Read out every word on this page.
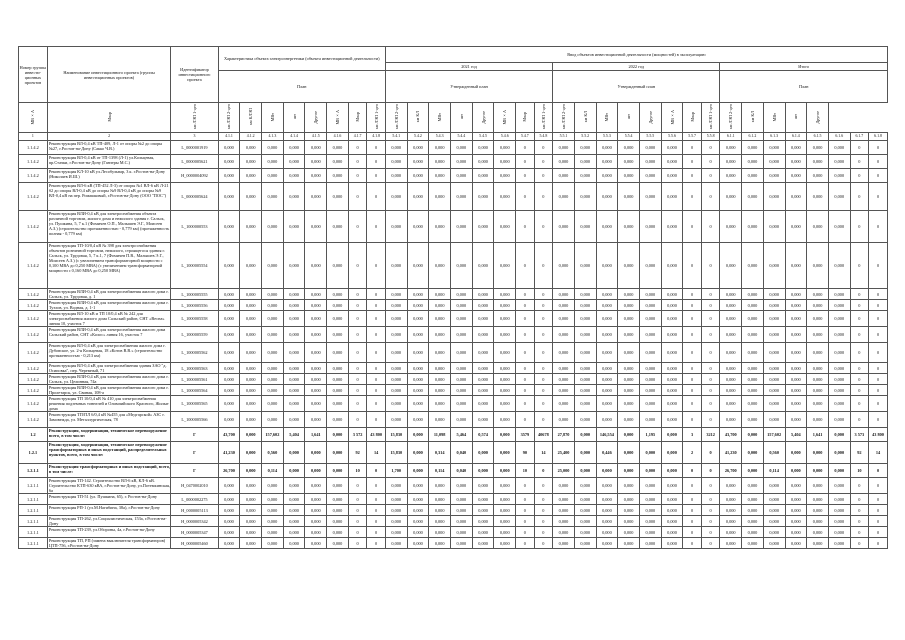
Номер группы инвести-ционных проектов	Наименование инвестиционного проекта (группы инвестиционных проектов)	Идентификатор инвестиционного проекта	Характеристика объекта электроэнергетики (объекта инвестиционной деятельности)								Ввод объектов инвестиционной деятельности (мощностей) в эксплуатацию																							
											2021 год								2022 год								Итого							
			План								Утвержденный план								Утвержденный план								План							
МВ×А	Мвар	км ЛЭП 1-цеп	км ЛЭП 2-цеп	км КЛЭП	МВт	шт	Другое	МВ×А	Мвар	км ЛЭП 1-цеп	км ЛЭП 2-цеп	км КЛ	МВт	шт	Другое	МВ×А	Мвар	км ЛЭП 1-цеп	км ЛЭП 2-цеп	км КЛ	МВт	шт	Другое	МВ×А	Мвар	км ЛЭП 1-цеп	км ЛЭП 2-цеп	км КЛ	МВт	шт	Другое			
1	2	3	4.1.1	4.1.2	4.1.3	4.1.4	4.1.5	4.1.6	4.1.7	4.1.8	5.4.1	5.4.2	5.4.3	5.4.4	5.4.5	5.4.6	5.4.7	5.4.8	5.5.1	5.5.2	5.5.3	5.5.4	5.5.5	5.5.6	5.5.7	5.5.8	6.1.1	6.1.2	6.1.3	6.1.4	6.1.5	6.1.6	6.1.7	6.1.8
1.1.4.2	Реконструкция ВЛ-0,4 кВ ТП-409, Л-1 от опоры №2 до опоры №27, г.Ростов-на-Дону (Сакко Ч.В.)	L_0000001919	0,000	0,000	0,000	0,000	0,000	0,000	0	0	0,000	0,000	0,000	0,000	0,000	0,000	0	0	0,000	0,000	0,000	0,000	0,000	0,000	0	0	0,000	0,000	0,000	0,000	0,000	0,000	0	0
1.1.4.2	Реконструкция ВЛ-0,4 кВ от ТП-1398 (Л-1) ул.Кольцевая, пр.Стачки, г.Ростов-на-Дону (Ганзеры М.С.)	L_0000005621	0,000	0,000	0,000	0,000	0,000	0,000	0	0	0,000	0,000	0,000	0,000	0,000	0,000	0	0	0,000	0,000	0,000	0,000	0,000	0,000	0	0	0,000	0,000	0,000	0,000	0,000	0,000	0	0
1.1.4.2	Реконструкция КЛ-10 кВ ул.Лесобульвар, 3 к. г.Ростов-на-Дону (Николаев И.Ш.)	H_0000004092	0,000	0,000	0,000	0,000	0,000	0,000	0	0	0,000	0,000	0,000	0,000	0,000	0,000	0	0	0,000	0,000	0,000	0,000	0,000	0,000	0	0	0,000	0,000	0,000	0,000	0,000	0,000	0	0
1.1.4.2	Реконструкция ВЛ-6 кВ (ТП-452 Л-3) от опоры №1 ВЛ-6 кВ Л-21 б2 до опоры ВЛ-0,4 кВ до опоры №9 ВЛ-0,4 кВ до опоры №9 ВЛ-0,4 кВ на пер. Ромашковый, г.Ростов-на-Дону (ООО "ПОС")	L_0000005624	0,000	0,000	0,000	0,000	0,000	0,000	0	0	0,000	0,000	0,000	0,000	0,000	0,000	0	0	0,000	0,000	0,000	0,000	0,000	0,000	0	0	0,000	0,000	0,000	0,000	0,000	0,000	0	0
1.1.4.2	Реконструкция ВЛИ-0,4 кВ для электроснабжения объекта различной торговли, жилого дома и нежилого здания г. Сальск, ул. Пушкина, 5, 7 к.1 (Фомичев О.П., Малышев Э.Г., Моисеев А.З.) (строительство протяженностью - 0,779 км) (протяженность полная - 0,779 км)	L_1000000553	0,000	0,000	0,000	0,000	0,000	0,000	0	0	0,000	0,000	0,000	0,000	0,000	0,000	0	0	0,000	0,000	0,000	0,000	0,000	0,000	0	0	0,000	0,000	0,000	0,000	0,000	0,000	0	0
1.1.4.2	Реконструкция ТП-10/0,4 кВ № 398 для электроснабжения объектов розничной торговли, нежилого, строящегося здания г. Сальск, ул. Трудовая, 5, 7 к.1, 7 (Фомичев П.В., Малышев Э.Г., Моисеев А.З.) (с увеличением трансформаторной мощности с 0,100 МВА до 0,250 МВА) (с увеличением трансформаторной мощности с 0,160 МВА до 0,250 МВА)	L_1000005554	0,000	0,000	0,000	0,000	0,000	0,000	0	0	0,000	0,000	0,000	0,000	0,000	0,000	0	0	0,000	0,000	0,000	0,000	0,000	0,000	0	0	0,000	0,000	0,000	0,000	0,000	0,000	0	0
1.1.4.2	Реконструкция ВЛИ-0,4 кВ для электроснабжения жилого дома г. Сальск, ул. Трудовая, д. 1	L_1000005555	0,000	0,000	0,000	0,000	0,000	0,000	0	0	0,000	0,000	0,000	0,000	0,000	0,000	0	0	0,000	0,000	0,000	0,000	0,000	0,000	0	0	0,000	0,000	0,000	0,000	0,000	0,000	0	0
1.1.4.2	Реконструкция ВЛИ-0,4 кВ для электроснабжения жилого дома г. Тузлов, ул. Водная, д. 1-1	L_1000005556	0,000	0,000	0,000	0,000	0,000	0,000	0	0	0,000	0,000	0,000	0,000	0,000	0,000	0	0	0,000	0,000	0,000	0,000	0,000	0,000	0	0	0,000	0,000	0,000	0,000	0,000	0,000	0	0
1.1.4.2	Реконструкция ВЛ-10 кВ и ТП 10/0,4 кВ № 242 для электроснабжения жилого дома Сальский район, СНТ «Весна» линия 10, участок 7	L_1000005558	0,000	0,000	0,000	0,000	0,000	0,000	0	0	0,000	0,000	0,000	0,000	0,000	0,000	0	0	0,000	0,000	0,000	0,000	0,000	0,000	0	0	0,000	0,000	0,000	0,000	0,000	0,000	0	0
1.1.4.2	Реконструкция ВЛИ-0,4 кВ для электроснабжения жилого дома Сальский район, СНТ «Колос» линия 16, участок 7	L_1000005559	0,000	0,000	0,000	0,000	0,000	0,000	0	0	0,000	0,000	0,000	0,000	0,000	0,000	0	0	0,000	0,000	0,000	0,000	0,000	0,000	0	0	0,000	0,000	0,000	0,000	0,000	0,000	0	0
1.1.4.2	Реконструкция ВЛ-0,4 кВ для электроснабжения жилого дома г. Дубовское, ул. 2-я Кольцевая, 18 «Котов В.В.» (строительство протяженностью - 0,213 км)	L_1000005562	0,000	0,000	0,000	0,000	0,000	0,000	0	0	0,000	0,000	0,000	0,000	0,000	0,000	0	0	0,000	0,000	0,000	0,000	0,000	0,000	0	0	0,000	0,000	0,000	0,000	0,000	0,000	0	0
1.1.4.2	Реконструкция ВЛ-0,4 кВ для электроснабжения здания ЗАО "д. Осиповка", пер. Черемный, 71	L_1000005563	0,000	0,000	0,000	0,000	0,000	0,000	0	0	0,000	0,000	0,000	0,000	0,000	0,000	0	0	0,000	0,000	0,000	0,000	0,000	0,000	0	0	0,000	0,000	0,000	0,000	0,000	0,000	0	0
1.1.4.2	Реконструкция ВЛИ-0,4 кВ для электроснабжения жилого дома г. Сальск, ул. Целинная, 74а	L_1000005561	0,000	0,000	0,000	0,000	0,000	0,000	0	0	0,000	0,000	0,000	0,000	0,000	0,000	0	0	0,000	0,000	0,000	0,000	0,000	0,000	0	0	0,000	0,000	0,000	0,000	0,000	0,000	0	0
1.1.4.2	Реконструкция ВЛИ-0,4 кВ для электроснабжения жилого дома г. Пролетарск, ул. Свиная, 108-а	L_1000005564	0,000	0,000	0,000	0,000	0,000	0,000	0	0	0,000	0,000	0,000	0,000	0,000	0,000	0	0	0,000	0,000	0,000	0,000	0,000	0,000	0	0	0,000	0,000	0,000	0,000	0,000	0,000	0	0
1.1.4.2	Реконструкция ТП 10/0,4 кВ № 410 для электроснабжения решения подземных тоннелей и Олимпийского Красного, Жилые дома	L_1000005565	0,000	0,000	0,000	0,000	0,000	0,000	0	0	0,000	0,000	0,000	0,000	0,000	0,000	0	0	0,000	0,000	0,000	0,000	0,000	0,000	0	0	0,000	0,000	0,000	0,000	0,000	0,000	0	0
1.1.4.2	Реконструкция ТП/ПЛ 6/0,4 кВ №455 для «Медгарской» АЗС г. Замовежда, ул. Металлургическая, 78	L_1000005566	0,000	0,000	0,000	0,000	0,000	0,000	0	0	0,000	0,000	0,000	0,000	0,000	0,000	0	0	0,000	0,000	0,000	0,000	0,000	0,000	0	0	0,000	0,000	0,000	0,000	0,000	0,000	0	0
1.2	Реконструкция, модернизация, техническое перевооружение всего, в том числе:	Г	43,700	0,000	157,602	5,404	1,641	0,000	3 572	43 800	15,830	0,000	11,098	5,464	0,574	0,000	3579	40678	27,870	0,000	146,554	0,000	1,195	0,000	3	3212	43,700	0,000	157,602	5,404	1,641	0,000	3 573	43 800
1.2.1	Реконструкция, модернизация, техническое перевооружение трансформаторных и иных подстанций, распределительных пунктов, всего, в том числе:	Г	41,230	0,000	0,560	0,000	0,000	0,000	92	14	15,830	0,000	0,314	0,040	0,000	0,000	90	14	25,400	0,000	0,446	0,000	0,000	0,000	2	0	41,230	0,000	0,560	0,000	0,000	0,000	92	14
1.2.1.1	Реконструкция трансформаторных и иных подстанций, всего, в том числе:	Г	26,700	0,000	0,114	0,000	0,000	0,000	10	0	1,700	0,000	0,114	0,040	0,000	0,000	10	0	25,000	0,000	0,000	0,000	0,000	0,000	0	0	26,700	0,000	0,114	0,000	0,000	0,000	10	0
1.2.1.1	Реконструкция ТП-142. Строительство ВЛ-6 кВ, КЛ-6 кВ. Строительство КТП-630 кВА, г.Ростов-на-Дону, ул.Потемкинская, 6а	H_0470002010	0,000	0,000	0,000	0,000	0,000	0,000	0	0	0,000	0,000	0,000	0,000	0,000	0,000	0	0	0,000	0,000	0,000	0,000	0,000	0,000	0	0	0,000	0,000	0,000	0,000	0,000	0,000	0	0
1.2.1.1	Реконструкция ТП-51 (ул. Пушкина, 65), г. Ростов-на-Дону	L_0000002275	0,000	0,000	0,000	0,000	0,000	0,000	0	0	0,000	0,000	0,000	0,000	0,000	0,000	0	0	0,000	0,000	0,000	0,000	0,000	0,000	0	0	0,000	0,000	0,000	0,000	0,000	0,000	0	0
1.2.1.1	Реконструкция РП-1 (ул.М.Нагибина, 38а), г.Ростов-на-Дону	H_0000005113	0,000	0,000	0,000	0,000	0,000	0,000	0	0	0,000	0,000	0,000	0,000	0,000	0,000	0	0	0,000	0,000	0,000	0,000	0,000	0,000	0	0	0,000	0,000	0,000	0,000	0,000	0,000	0	0
1.2.1.1	Реконструкция ТП-262, ул.Социалистическая, 153а, г.Ростов-на-Дону	H_0000005342	0,000	0,000	0,000	0,000	0,000	0,000	0	0	0,000	0,000	0,000	0,000	0,000	0,000	0	0	0,000	0,000	0,000	0,000	0,000	0,000	0	0	0,000	0,000	0,000	0,000	0,000	0,000	0	0
1.2.1.1	Реконструкция ТП-239, ул.Обороны, 4а, г.Ростов-на-Дону	H_0000005347	0,000	0,000	0,000	0,000	0,000	0,000	0	0	0,000	0,000	0,000	0,000	0,000	0,000	0	0	0,000	0,000	0,000	0,000	0,000	0,000	0	0	0,000	0,000	0,000	0,000	0,000	0,000	0	0
1.2.1.1	Реконструкция ТП, РП (замена выключателя трансформаторов) ЦТП-756, г.Ростов-на-Дону	H_0000005460	0,000	0,000	0,000	0,000	0,000	0,000	0	0	0,000	0,000	0,000	0,000	0,000	0,000	0	0	0,000	0,000	0,000	0,000	0,000	0,000	0	0	0,000	0,000	0,000	0,000	0,000	0,000	0	0
